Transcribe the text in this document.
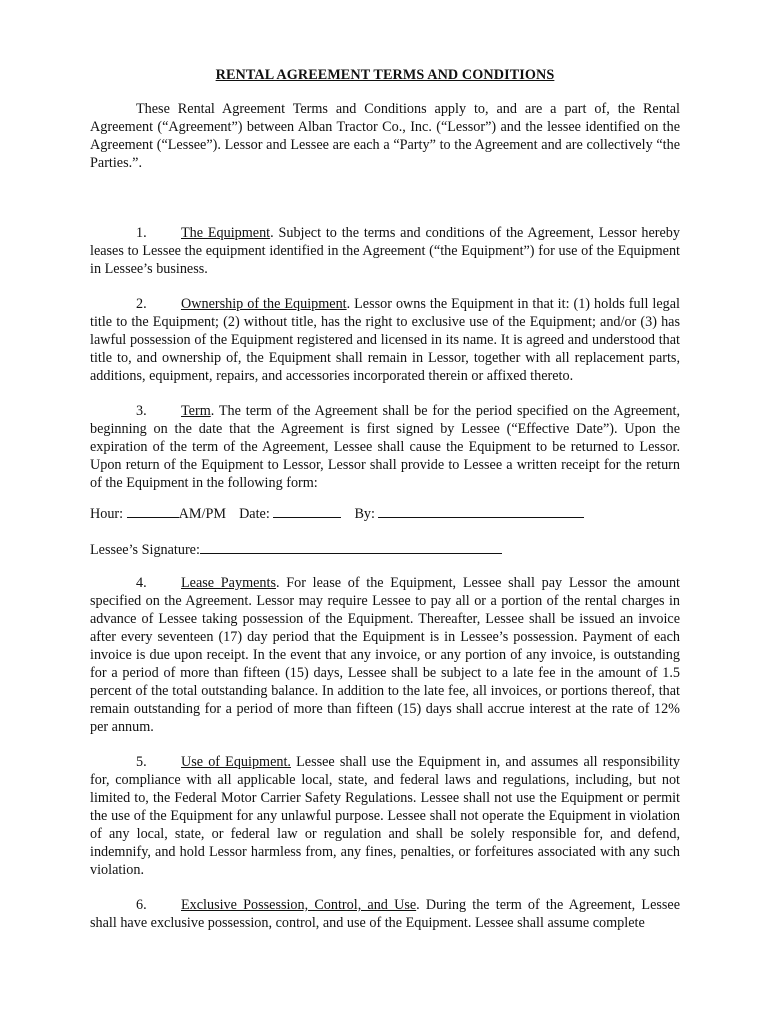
RENTAL AGREEMENT TERMS AND CONDITIONS

These Rental Agreement Terms and Conditions apply to, and are a part of, the Rental Agreement (“Agreement”) between Alban Tractor Co., Inc. (“Lessor”) and the lessee identified on the Agreement (“Lessee”). Lessor and Lessee are each a “Party” to the Agreement and are collectively “the Parties.”.

1. The Equipment. Subject to the terms and conditions of the Agreement, Lessor hereby leases to Lessee the equipment identified in the Agreement (“the Equipment”) for use of the Equipment in Lessee’s business.

2. Ownership of the Equipment. Lessor owns the Equipment in that it: (1) holds full legal title to the Equipment; (2) without title, has the right to exclusive use of the Equipment; and/or (3) has lawful possession of the Equipment registered and licensed in its name. It is agreed and understood that title to, and ownership of, the Equipment shall remain in Lessor, together with all replacement parts, additions, equipment, repairs, and accessories incorporated therein or affixed thereto.

3. Term. The term of the Agreement shall be for the period specified on the Agreement, beginning on the date that the Agreement is first signed by Lessee (“Effective Date”). Upon the expiration of the term of the Agreement, Lessee shall cause the Equipment to be returned to Lessor. Upon return of the Equipment to Lessor, Lessor shall provide to Lessee a written receipt for the return of the Equipment in the following form:

Hour:	AM/PM Date:	By:
Lessee’s Signature:

4. Lease Payments. For lease of the Equipment, Lessee shall pay Lessor the amount specified on the Agreement. Lessor may require Lessee to pay all or a portion of the rental charges in advance of Lessee taking possession of the Equipment. Thereafter, Lessee shall be issued an invoice after every seventeen (17) day period that the Equipment is in Lessee’s possession. Payment of each invoice is due upon receipt. In the event that any invoice, or any portion of any invoice, is outstanding for a period of more than fifteen (15) days, Lessee shall be subject to a late fee in the amount of 1.5 percent of the total outstanding balance. In addition to the late fee, all invoices, or portions thereof, that remain outstanding for a period of more than fifteen (15) days shall accrue interest at the rate of 12% per annum.

5. Use of Equipment. Lessee shall use the Equipment in, and assumes all responsibility for, compliance with all applicable local, state, and federal laws and regulations, including, but not limited to, the Federal Motor Carrier Safety Regulations. Lessee shall not use the Equipment or permit the use of the Equipment for any unlawful purpose. Lessee shall not operate the Equipment in violation of any local, state, or federal law or regulation and shall be solely responsible for, and defend, indemnify, and hold Lessor harmless from, any fines, penalties, or forfeitures associated with any such violation.

6. Exclusive Possession, Control, and Use. During the term of the Agreement, Lessee shall have exclusive possession, control, and use of the Equipment. Lessee shall assume complete
